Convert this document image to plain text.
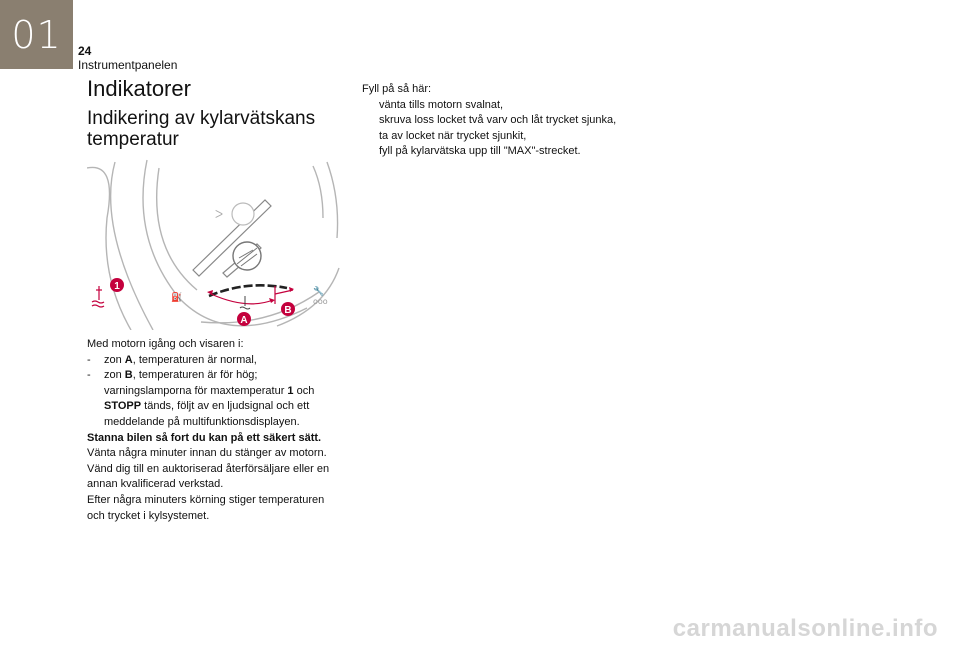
01 24
Instrumentpanelen
Indikatorer
Indikering av kylarvätskans temperatur
ᐳ
⛽
🔧
ooo
1
A
B

Med motorn igång och visaren i:

-	zon A, temperaturen är normal,
-	zon B, temperaturen är för hög; varningslamporna för maxtemperatur 1 och STOPP tänds, följt av en ljudsignal och ett meddelande på multifunktionsdisplayen.

Stanna bilen så fort du kan på ett säkert sätt.

Vänta några minuter innan du stänger av motorn.

Vänd dig till en auktoriserad återförsäljare eller en annan kvalificerad verkstad.

Efter några minuters körning stiger temperaturen och trycket i kylsystemet.

Fyll på så här:

vänta tills motorn svalnat,
skruva loss locket två varv och låt trycket sjunka,
ta av locket när trycket sjunkit,
fyll på kylarvätska upp till "MAX"-strecket.
carmanualsonline.info
